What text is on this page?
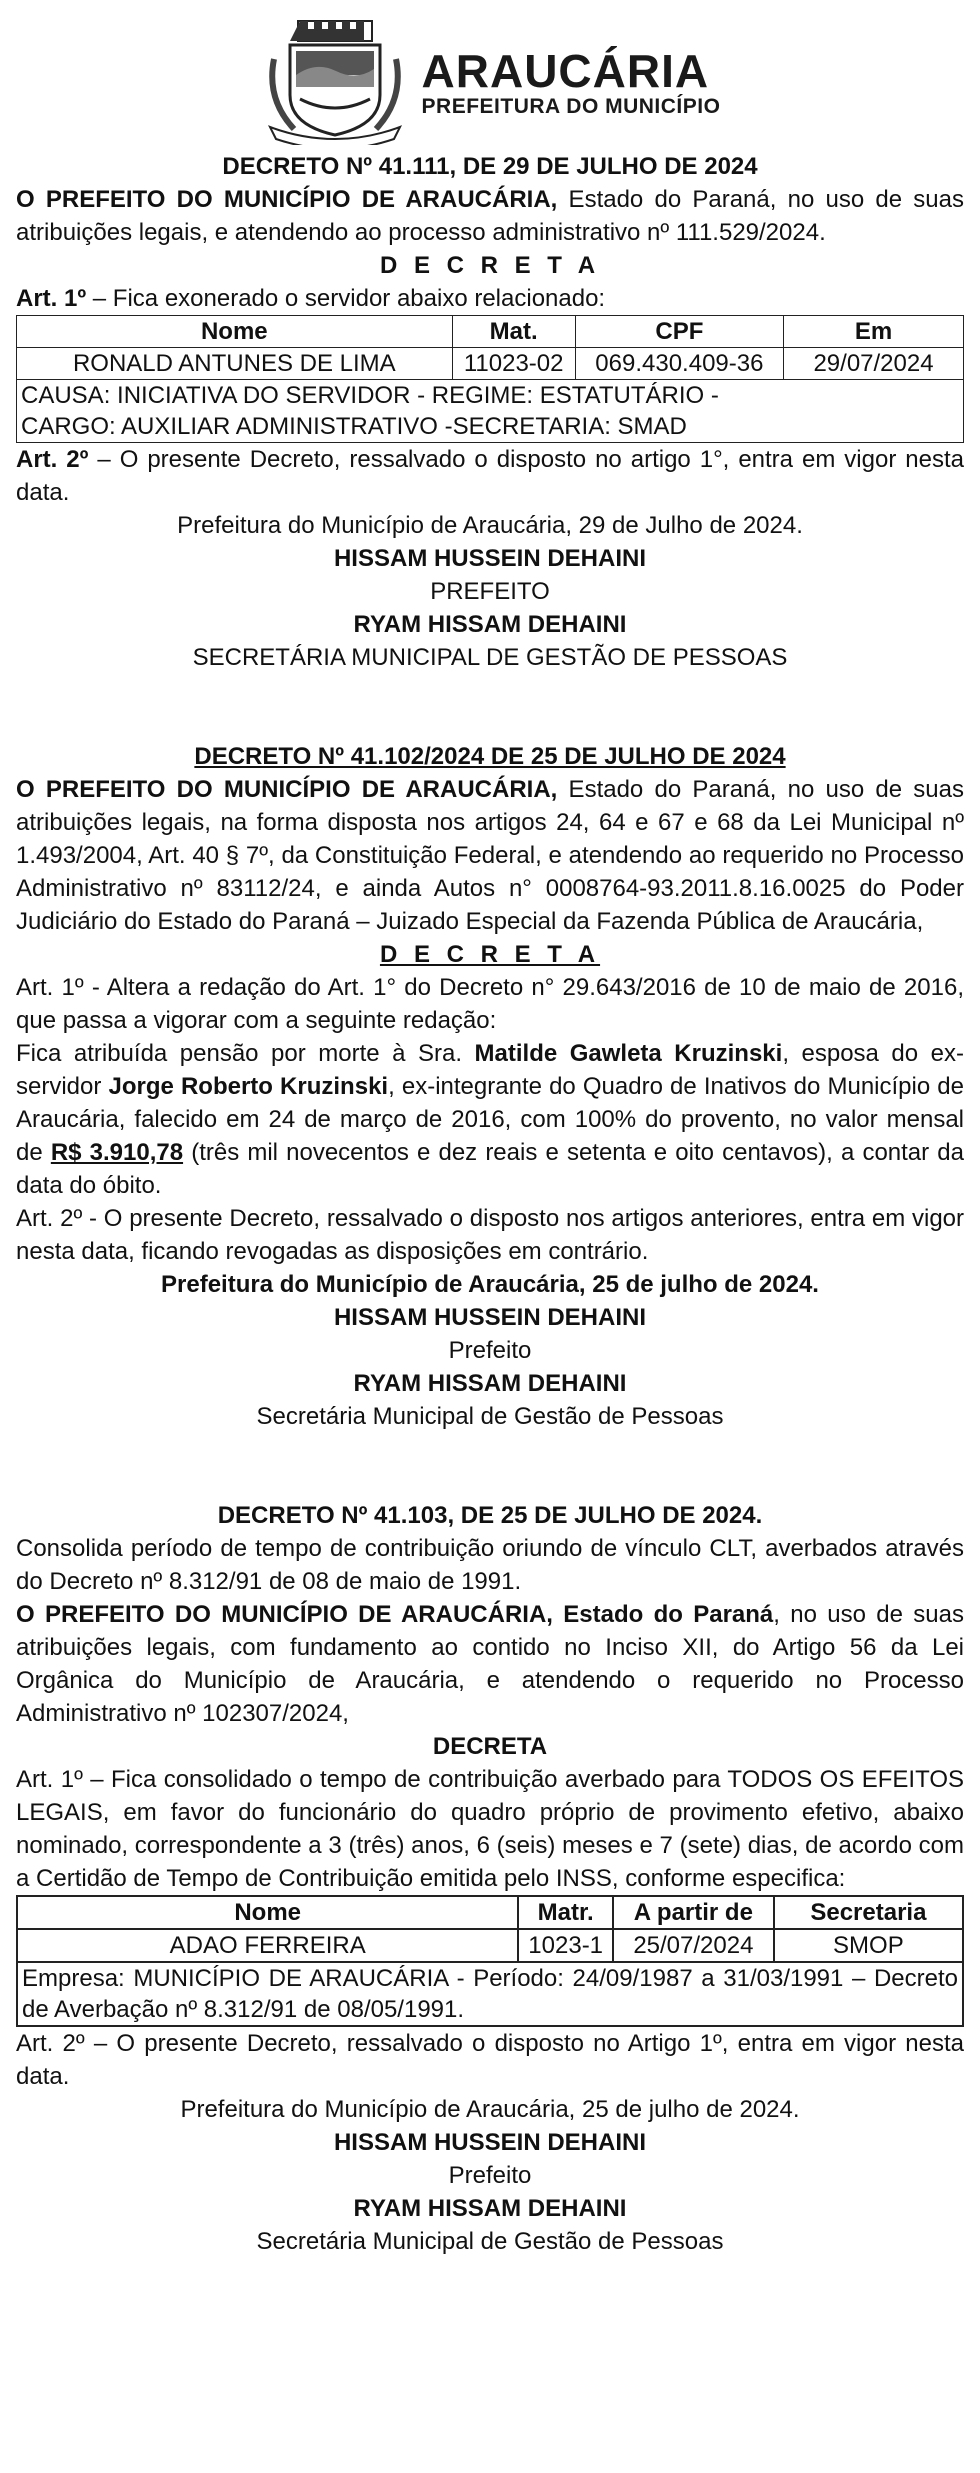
ARAUCÁRIA
PREFEITURA DO MUNICÍPIO

DECRETO Nº 41.111, DE 29 DE JULHO DE 2024

O PREFEITO DO MUNICÍPIO DE ARAUCÁRIA, Estado do Paraná, no uso de suas atribuições legais, e atendendo ao processo administrativo nº 111.529/2024.

D E C R E T A

Art. 1º – Fica exonerado o servidor abaixo relacionado:

Nome	Mat.	CPF	Em
RONALD ANTUNES DE LIMA	11023-02	069.430.409-36	29/07/2024

CAUSA: INICIATIVA DO SERVIDOR - REGIME: ESTATUTÁRIO -
CARGO: AUXILIAR ADMINISTRATIVO -SECRETARIA: SMAD			

Art. 2º – O presente Decreto, ressalvado o disposto no artigo 1°, entra em vigor nesta data.

Prefeitura do Município de Araucária, 29 de Julho de 2024.

HISSAM HUSSEIN DEHAINI

PREFEITO

RYAM HISSAM DEHAINI

SECRETÁRIA MUNICIPAL DE GESTÃO DE PESSOAS

DECRETO Nº 41.102/2024 DE 25 DE JULHO DE 2024

O PREFEITO DO MUNICÍPIO DE ARAUCÁRIA, Estado do Paraná, no uso de suas atribuições legais, na forma disposta nos artigos 24, 64 e 67 e 68 da Lei Municipal nº 1.493/2004, Art. 40 § 7º, da Constituição Federal, e atendendo ao requerido no Processo Administrativo nº 83112/24, e ainda Autos n° 0008764-93.2011.8.16.0025 do Poder Judiciário do Estado do Paraná – Juizado Especial da Fazenda Pública de Araucária,

D E C R E T A

Art. 1º - Altera a redação do Art. 1° do Decreto n° 29.643/2016 de 10 de maio de 2016, que passa a vigorar com a seguinte redação:

Fica atribuída pensão por morte à Sra. Matilde Gawleta Kruzinski, esposa do ex-servidor Jorge Roberto Kruzinski, ex-integrante do Quadro de Inativos do Município de Araucária, falecido em 24 de março de 2016, com 100% do provento, no valor mensal de R$ 3.910,78 (três mil novecentos e dez reais e setenta e oito centavos), a contar da data do óbito.

Art. 2º - O presente Decreto, ressalvado o disposto nos artigos anteriores, entra em vigor nesta data, ficando revogadas as disposições em contrário.

Prefeitura do Município de Araucária, 25 de julho de 2024.

HISSAM HUSSEIN DEHAINI

Prefeito

RYAM HISSAM DEHAINI

Secretária Municipal de Gestão de Pessoas

DECRETO Nº 41.103, DE 25 DE JULHO DE 2024.

Consolida período de tempo de contribuição oriundo de vínculo CLT, averbados através do Decreto nº 8.312/91 de 08 de maio de 1991.

O PREFEITO DO MUNICÍPIO DE ARAUCÁRIA, Estado do Paraná, no uso de suas atribuições legais, com fundamento ao contido no Inciso XII, do Artigo 56 da Lei Orgânica do Município de Araucária, e atendendo o requerido no Processo Administrativo nº 102307/2024,

DECRETA

Art. 1º – Fica consolidado o tempo de contribuição averbado para TODOS OS EFEITOS LEGAIS, em favor do funcionário do quadro próprio de provimento efetivo, abaixo nominado, correspondente a 3 (três) anos, 6 (seis) meses e 7 (sete) dias, de acordo com a Certidão de Tempo de Contribuição emitida pelo INSS, conforme especifica:

Nome	Matr.	A partir de	Secretaria
ADAO FERREIRA	1023-1	25/07/2024	SMOP
Empresa: MUNICÍPIO DE ARAUCÁRIA - Período: 24/09/1987 a 31/03/1991 – Decreto de Averbação nº 8.312/91 de 08/05/1991.			

Art. 2º – O presente Decreto, ressalvado o disposto no Artigo 1º, entra em vigor nesta data.

Prefeitura do Município de Araucária, 25 de julho de 2024.

HISSAM HUSSEIN DEHAINI

Prefeito

RYAM HISSAM DEHAINI

Secretária Municipal de Gestão de Pessoas
